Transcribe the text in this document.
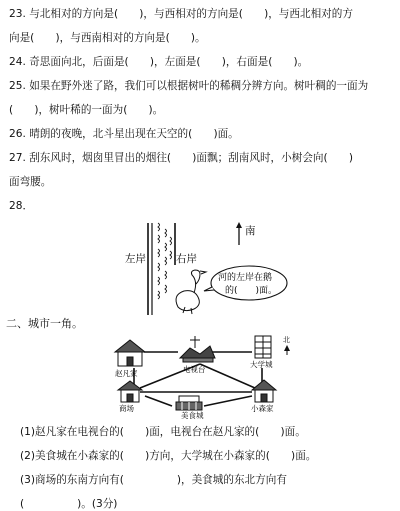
23. 与北相对的方向是(　　)，与西相对的方向是(　　)，与西北相对的方
向是(　　)，与西南相对的方向是(　　)。
24. 奇思面向北，后面是(　　)，左面是(　　)，右面是(　　)。
25. 如果在野外迷了路，我们可以根据树叶的稀稠分辨方向。树叶稠的一面为
(　　)，树叶稀的一面为(　　)。
26. 晴朗的夜晚，北斗星出现在天空的(　　)面。
27. 刮东风时，烟囱里冒出的烟往(　　)面飘；刮南风时，小树会向(　　)
面弯腰。
28．
左岸	右岸
南
河的左岸在鹅
的(　　)面。
二、城市一角。
赵凡家	电视台
大学城
北
商场
美食城
小森家
(1)赵凡家在电视台的(　　)面，电视台在赵凡家的(　　)面。
(2)美食城在小森家的(　　)方向，大学城在小森家的(　　)面。
(3)商场的东南方向有(　　　　　)，美食城的东北方向有
(　　　　　)。(3分)
